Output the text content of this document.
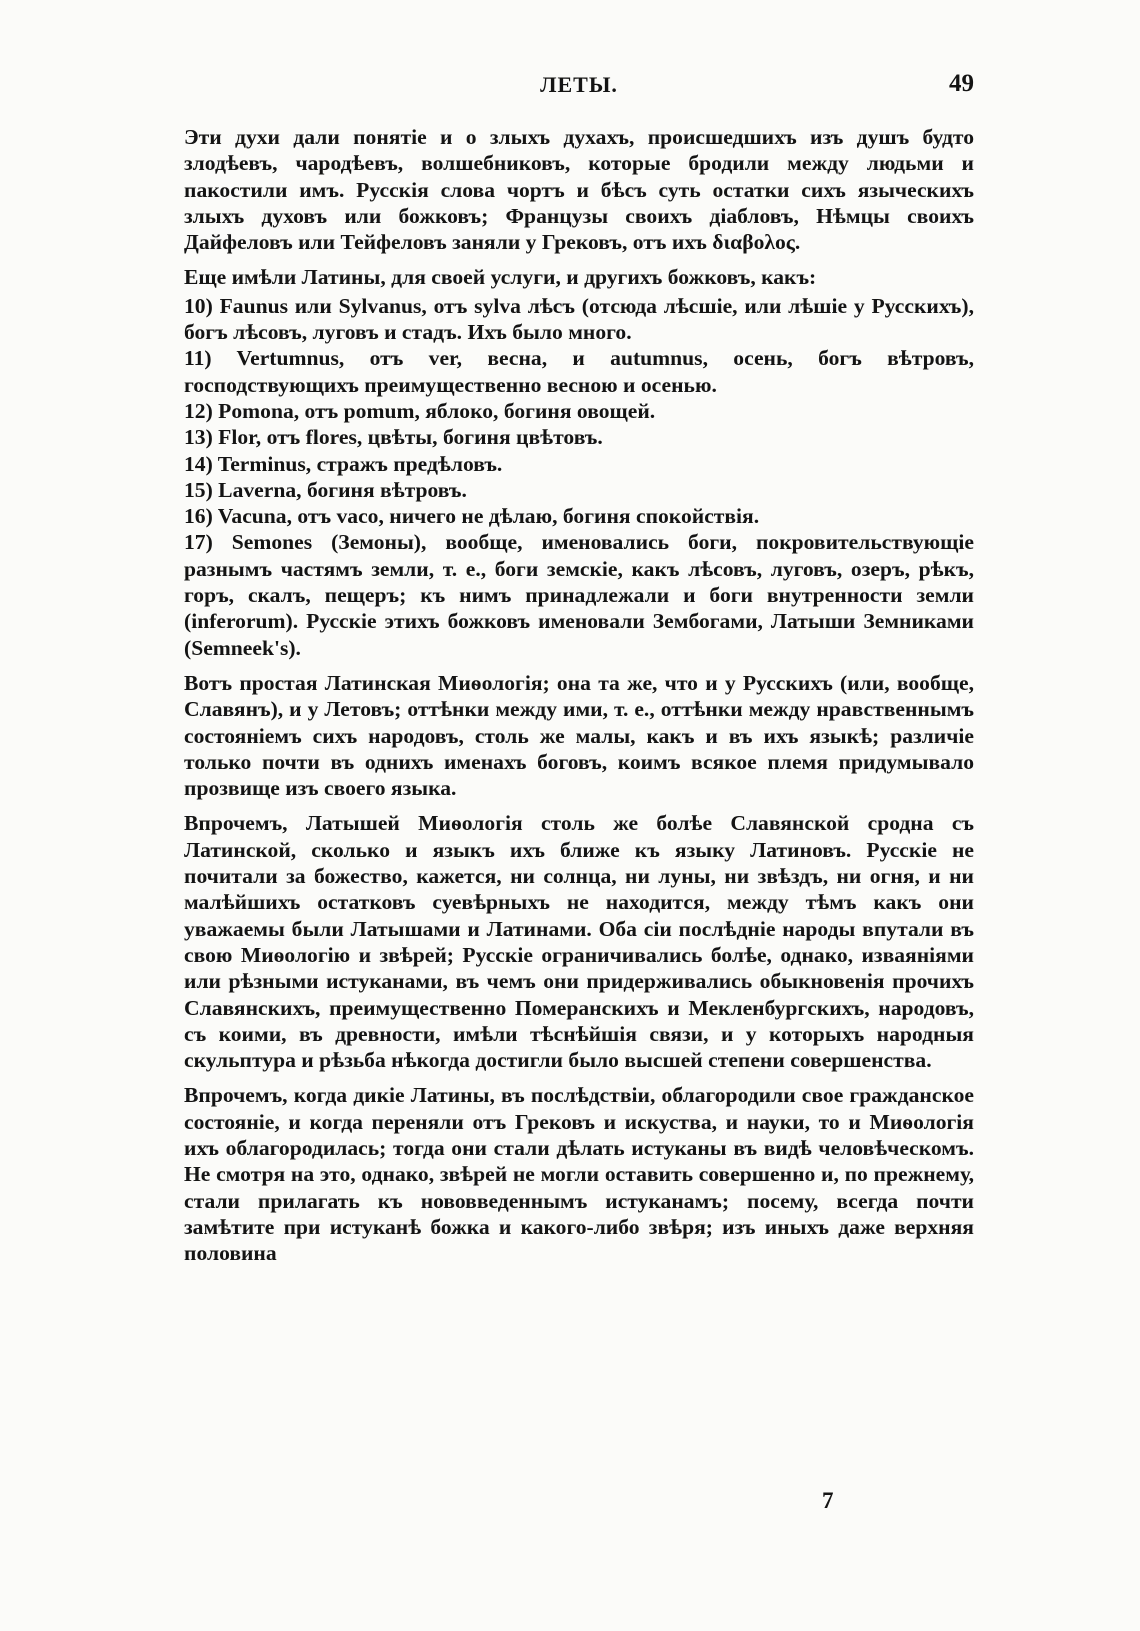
ЛЕТЫ.	49

Эти духи дали понятіе и о злыхъ духахъ, происшедшихъ изъ душъ будто злодѣевъ, чародѣевъ, волшебниковъ, которые бродили между людьми и пакостили имъ. Русскія слова чортъ и бѣсъ суть остатки сихъ языческихъ злыхъ духовъ или божковъ; Французы своихъ діабловъ, Нѣмцы своихъ Дайфеловъ или Тейфеловъ заняли у Грековъ, отъ ихъ διαβολος.

Еще имѣли Латины, для своей услуги, и другихъ божковъ, какъ:

10) Faunus или Sylvanus, отъ sylva лѣсъ (отсюда лѣсшіе, или лѣшіе у Русскихъ), богъ лѣсовъ, луговъ и стадъ. Ихъ было много.

11) Vertumnus, отъ ver, весна, и autumnus, осень, богъ вѣтровъ, господствующихъ преимущественно весною и осенью.

12) Pomona, отъ pomum, яблоко, богиня овощей.

13) Flor, отъ flores, цвѣты, богиня цвѣтовъ.

14) Terminus, стражъ предѣловъ.

15) Laverna, богиня вѣтровъ.

16) Vacuna, отъ vaco, ничего не дѣлаю, богиня спокойствія.

17) Semones (Земоны), вообще, именовались боги, покровительствующіе разнымъ частямъ земли, т. е., боги земскіе, какъ лѣсовъ, луговъ, озеръ, рѣкъ, горъ, скалъ, пещеръ; къ нимъ принадлежали и боги внутренности земли (inferorum). Русскіе этихъ божковъ именовали Зембогами, Латыши Земниками (Semneek's).

Вотъ простая Латинская Миѳологія; она та же, что и у Русскихъ (или, вообще, Славянъ), и у Летовъ; оттѣнки между ими, т. е., оттѣнки между нравственнымъ состояніемъ сихъ народовъ, столь же малы, какъ и въ ихъ языкѣ; различіе только почти въ однихъ именахъ боговъ, коимъ всякое племя придумывало прозвище изъ своего языка.

Впрочемъ, Латышей Миѳологія столь же болѣе Славянской сродна съ Латинской, сколько и языкъ ихъ ближе къ языку Латиновъ. Русскіе не почитали за божество, кажется, ни солнца, ни луны, ни звѣздъ, ни огня, и ни малѣйшихъ остатковъ суевѣрныхъ не находится, между тѣмъ какъ они уважаемы были Латышами и Латинами. Оба сіи послѣдніе народы впутали въ свою Миѳологію и звѣрей; Русскіе ограничивались болѣе, однако, изваяніями или рѣзными истуканами, въ чемъ они придерживались обыкновенія прочихъ Славянскихъ, преимущественно Померанскихъ и Мекленбургскихъ, народовъ, съ коими, въ древности, имѣли тѣснѣйшія связи, и у которыхъ народныя скульптура и рѣзьба нѣкогда достигли было высшей степени совершенства.

Впрочемъ, когда дикіе Латины, въ послѣдствіи, облагородили свое гражданское состояніе, и когда переняли отъ Грековъ и искуства, и науки, то и Миѳологія ихъ облагородилась; тогда они стали дѣлать истуканы въ видѣ человѣческомъ. Не смотря на это, однако, звѣрей не могли оставить совершенно и, по прежнему, стали прилагать къ нововведеннымъ истуканамъ; посему, всегда почти замѣтите при истуканѣ божка и какого-либо звѣря; изъ иныхъ даже верхняя половина

7
